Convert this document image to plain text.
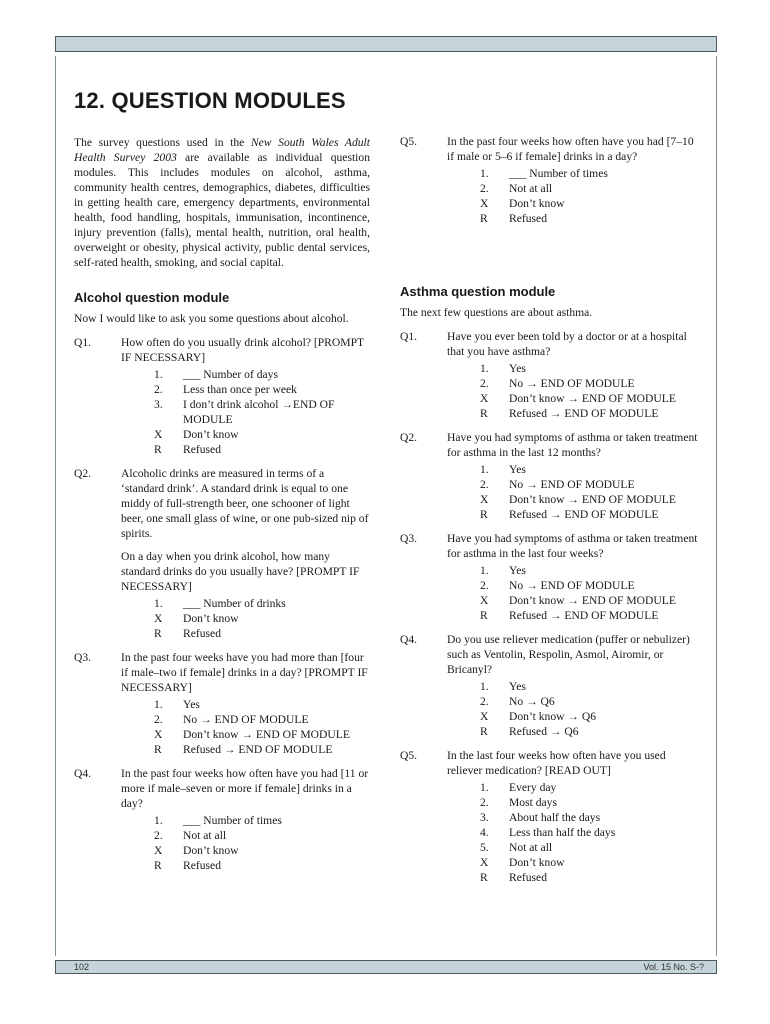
12. QUESTION MODULES

The survey questions used in the New South Wales Adult Health Survey 2003 are available as individual question modules. This includes modules on alcohol, asthma, community health centres, demographics, diabetes, difficulties in getting health care, emergency departments, environmental health, food handling, hospitals, immunisation, incontinence, injury prevention (falls), mental health, nutrition, oral health, overweight or obesity, physical activity, public dental services, self-rated health, smoking, and social capital.

Alcohol question module

Now I would like to ask you some questions about alcohol.

Q1.	How often do you usually drink alcohol? [PROMPT IF NECESSARY]

1.	___ Number of days
2.	Less than once per week
3.	I don’t drink alcohol →END OF MODULE
X	Don’t know
R	Refused
Q2.	Alcoholic drinks are measured in terms of a ‘standard drink’. A standard drink is equal to one middy of full-strength beer, one schooner of light beer, one small glass of wine, or one pub-sized nip of spirits.

On a day when you drink alcohol, how many standard drinks do you usually have? [PROMPT IF NECESSARY]

1.	___ Number of drinks
X	Don’t know
R	Refused
Q3.	In the past four weeks have you had more than [four if male–two if female] drinks in a day? [PROMPT IF NECESSARY]

1.	Yes
2.	No → END OF MODULE
X	Don’t know → END OF MODULE
R	Refused → END OF MODULE
Q4.	In the past four weeks how often have you had [11 or more if male–seven or more if female] drinks in a day?

1.	___ Number of times
2.	Not at all
X	Don’t know
R	Refused
Q5.	In the past four weeks how often have you had [7–10 if male or 5–6 if female] drinks in a day?

1.	___ Number of times
2.	Not at all
X	Don’t know
R	Refused
Asthma question module

The next few questions are about asthma.

Q1.	Have you ever been told by a doctor or at a hospital that you have asthma?

1.	Yes
2.	No → END OF MODULE
X	Don’t know → END OF MODULE
R	Refused → END OF MODULE
Q2.	Have you had symptoms of asthma or taken treatment for asthma in the last 12 months?

1.	Yes
2.	No → END OF MODULE
X	Don’t know → END OF MODULE
R	Refused → END OF MODULE
Q3.	Have you had symptoms of asthma or taken treatment for asthma in the last four weeks?

1.	Yes
2.	No → END OF MODULE
X	Don’t know → END OF MODULE
R	Refused → END OF MODULE
Q4.	Do you use reliever medication (puffer or nebulizer) such as Ventolin, Respolin, Asmol, Airomir, or Bricanyl?

1.	Yes
2.	No → Q6
X	Don’t know → Q6
R	Refused → Q6
Q5.	In the last four weeks how often have you used reliever medication? [READ OUT]

1.	Every day
2.	Most days
3.	About half the days
4.	Less than half the days
5.	Not at all
X	Don’t know
R	Refused
102	Vol. 15 No. S-?
